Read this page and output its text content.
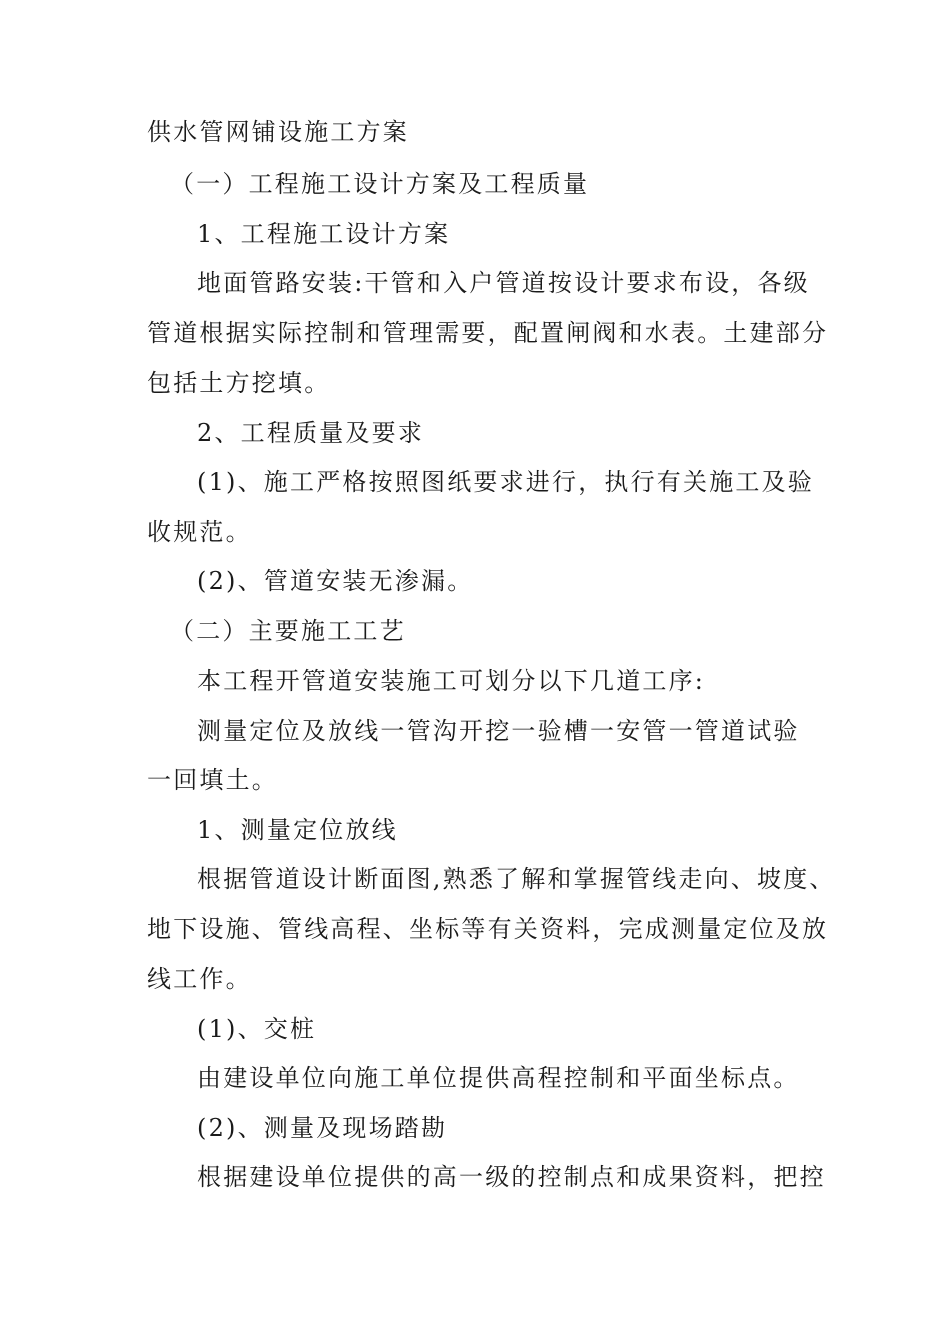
供水管网铺设施工方案
（一）工程施工设计方案及工程质量
1、工程施工设计方案
地面管路安装:干管和入户管道按设计要求布设，各级
管道根据实际控制和管理需要，配置闸阀和水表。土建部分
包括土方挖填。
2、工程质量及要求
(1)、施工严格按照图纸要求进行，执行有关施工及验
收规范。
(2)、管道安装无渗漏。
（二）主要施工工艺
本工程开管道安装施工可划分以下几道工序:
测量定位及放线一管沟开挖一验槽一安管一管道试验
一回填土。
1、测量定位放线
根据管道设计断面图,熟悉了解和掌握管线走向、坡度、
地下设施、管线高程、坐标等有关资料，完成测量定位及放
线工作。
(1)、交桩
由建设单位向施工单位提供高程控制和平面坐标点。
(2)、测量及现场踏勘
根据建设单位提供的高一级的控制点和成果资料，把控
